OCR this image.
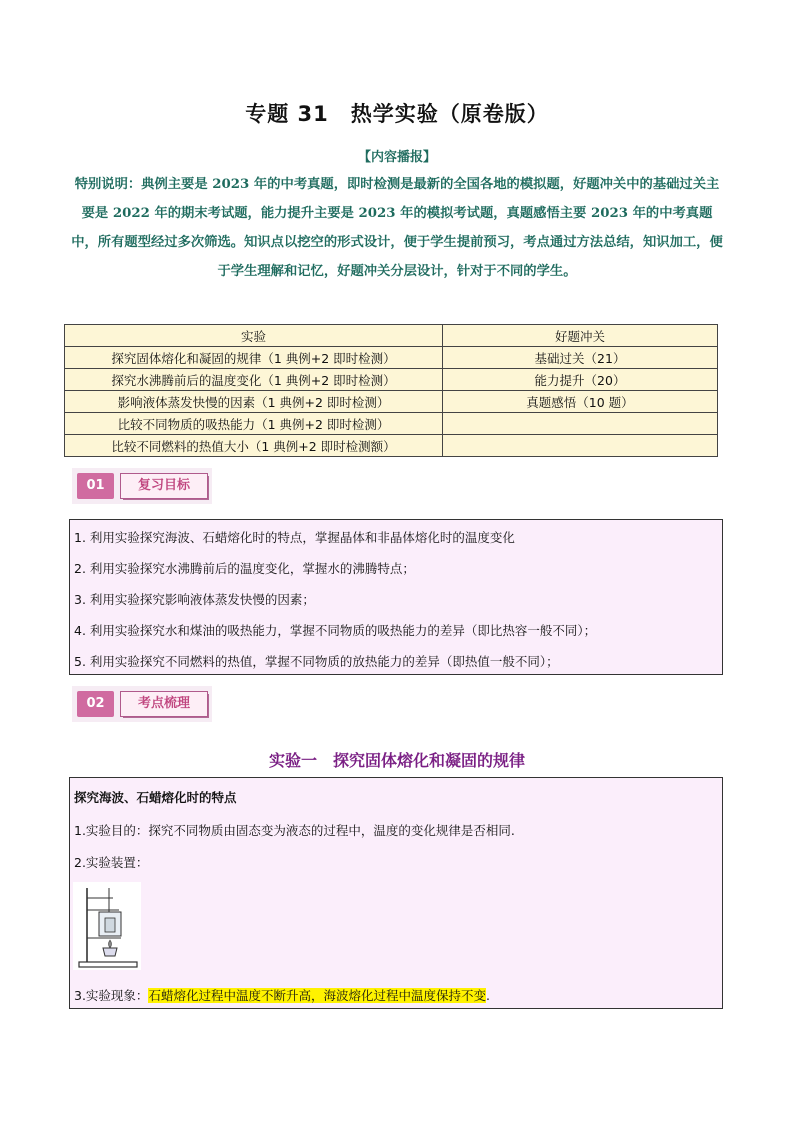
专题 31　热学实验（原卷版）
【内容播报】
特别说明：典例主要是 2023 年的中考真题，即时检测是最新的全国各地的模拟题，好题冲关中的基础过关主要是 2022 年的期末考试题，能力提升主要是 2023 年的模拟考试题，真题感悟主要 2023 年的中考真题中，所有题型经过多次筛选。知识点以挖空的形式设计，便于学生提前预习，考点通过方法总结，知识加工，便于学生理解和记忆，好题冲关分层设计，针对于不同的学生。
实验	好题冲关
探究固体熔化和凝固的规律（1 典例+2 即时检测）	基础过关（21）
探究水沸腾前后的温度变化（1 典例+2 即时检测）	能力提升（20）
影响液体蒸发快慢的因素（1 典例+2 即时检测）	真题感悟（10 题）
比较不同物质的吸热能力（1 典例+2 即时检测）	
比较不同燃料的热值大小（1 典例+2 即时检测额）	
01	复习目标
1. 利用实验探究海波、石蜡熔化时的特点，掌握晶体和非晶体熔化时的温度变化
2. 利用实验探究水沸腾前后的温度变化，掌握水的沸腾特点；
3. 利用实验探究影响液体蒸发快慢的因素；
4. 利用实验探究水和煤油的吸热能力，掌握不同物质的吸热能力的差异（即比热容一般不同）；
5. 利用实验探究不同燃料的热值，掌握不同物质的放热能力的差异（即热值一般不同）；
02	考点梳理
实验一　探究固体熔化和凝固的规律
探究海波、石蜡熔化时的特点
1.实验目的：探究不同物质由固态变为液态的过程中，温度的变化规律是否相同.
2.实验装置：
3.实验现象：石蜡熔化过程中温度不断升高，海波熔化过程中温度保持不变.
